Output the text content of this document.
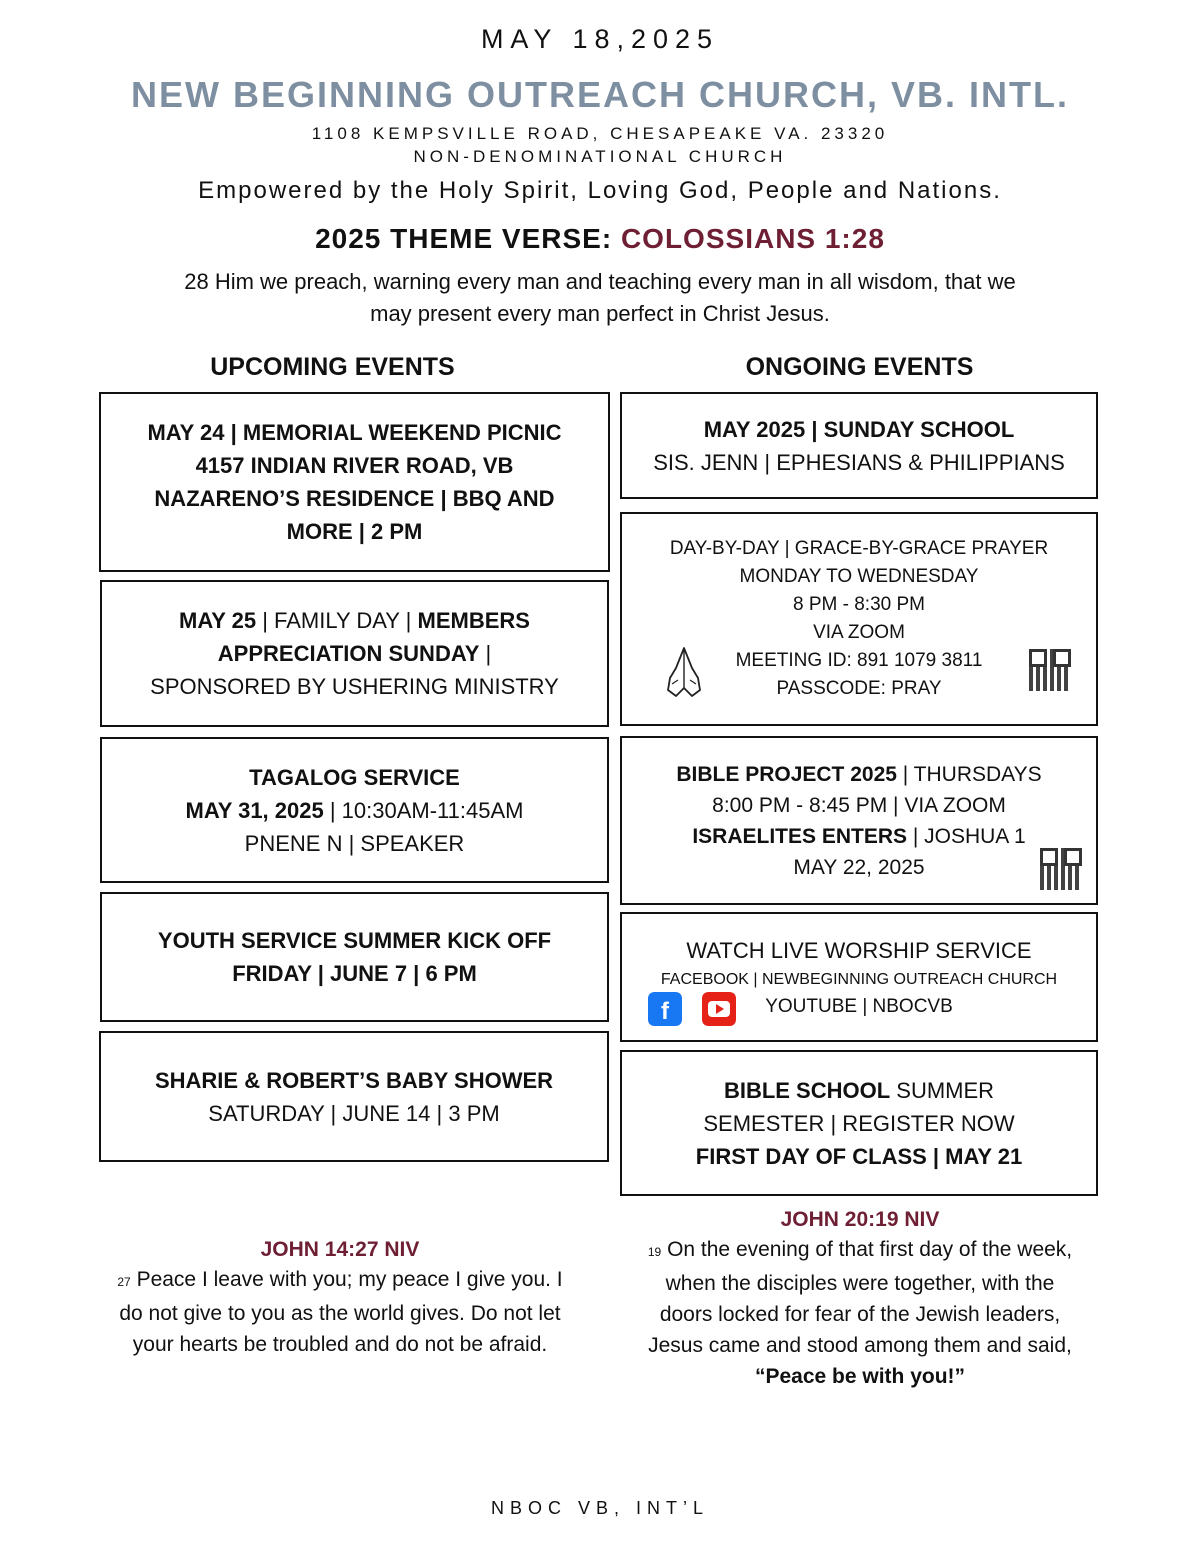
MAY 18,2025
NEW BEGINNING OUTREACH CHURCH, VB. INTL.
1108 KEMPSVILLE ROAD, CHESAPEAKE VA. 23320
NON-DENOMINATIONAL CHURCH
Empowered by the Holy Spirit, Loving God, People and Nations.
2025 THEME VERSE: COLOSSIANS 1:28
28 Him we preach, warning every man and teaching every man in all wisdom, that we
may present every man perfect in Christ Jesus.
UPCOMING EVENTS	ONGOING EVENTS
MAY 24 | MEMORIAL WEEKEND PICNIC
4157 INDIAN RIVER ROAD, VB
NAZARENO’S RESIDENCE | BBQ AND
MORE | 2 PM
MAY 25 | FAMILY DAY | MEMBERS
APPRECIATION SUNDAY |
SPONSORED BY USHERING MINISTRY
TAGALOG SERVICE
MAY 31, 2025 | 10:30AM-11:45AM
PNENE N | SPEAKER
YOUTH SERVICE SUMMER KICK OFF
FRIDAY | JUNE 7 | 6 PM
SHARIE & ROBERT’S BABY SHOWER
SATURDAY | JUNE 14 | 3 PM
MAY 2025 | SUNDAY SCHOOL
SIS. JENN | EPHESIANS & PHILIPPIANS
DAY-BY-DAY | GRACE-BY-GRACE PRAYER
MONDAY TO WEDNESDAY
8 PM - 8:30 PM
VIA ZOOM
MEETING ID: 891 1079 3811
PASSCODE: PRAY
BIBLE PROJECT 2025 | THURSDAYS
8:00 PM - 8:45 PM | VIA ZOOM
ISRAELITES ENTERS | JOSHUA 1
MAY 22, 2025
WATCH LIVE WORSHIP SERVICE
FACEBOOK | NEWBEGINNING OUTREACH CHURCH
YOUTUBE | NBOCVB
f
BIBLE SCHOOL SUMMER
SEMESTER | REGISTER NOW
FIRST DAY OF CLASS | MAY 21
JOHN 14:27 NIV
27 Peace I leave with you; my peace I give you. I
do not give to you as the world gives. Do not let
your hearts be troubled and do not be afraid.
JOHN 20:19 NIV
19 On the evening of that first day of the week,
when the disciples were together, with the
doors locked for fear of the Jewish leaders,
Jesus came and stood among them and said,
“Peace be with you!”
NBOC VB, INT’L
